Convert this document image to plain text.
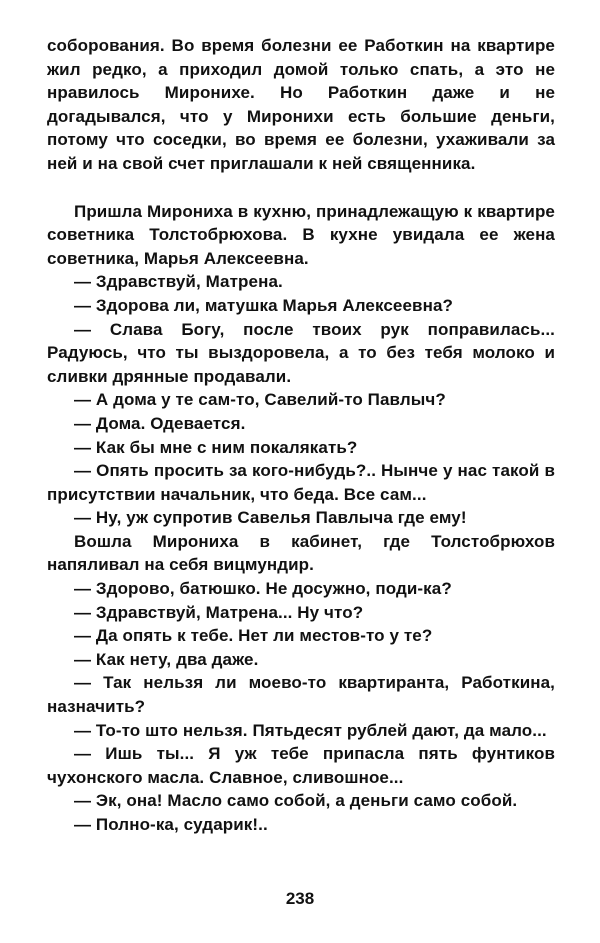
соборования. Во время болезни ее Работкин на квартире жил редко, а приходил домой только спать, а это не нравилось Миронихе. Но Работкин даже и не догадывался, что у Миронихи есть большие деньги, потому что соседки, во время ее болезни, ухаживали за ней и на свой счет приглашали к ней священника.

Пришла Мирониха в кухню, принадлежащую к квартире советника Толстобрюхова. В кухне увидала ее жена советника, Марья Алексеевна.

— Здравствуй, Матрена.

— Здорова ли, матушка Марья Алексеевна?

— Слава Богу, после твоих рук поправилась... Радуюсь, что ты выздоровела, а то без тебя молоко и сливки дрянные продавали.

— А дома у те сам-то, Савелий-то Павлыч?

— Дома. Одевается.

— Как бы мне с ним покалякать?

— Опять просить за кого-нибудь?.. Нынче у нас такой в присутствии начальник, что беда. Все сам...

— Ну, уж супротив Савелья Павлыча где ему!

Вошла Мирониха в кабинет, где Толстобрюхов напяливал на себя вицмундир.

— Здорово, батюшко. Не досужно, поди-ка?

— Здравствуй, Матрена... Ну что?

— Да опять к тебе. Нет ли местов-то у те?

— Как нету, два даже.

— Так нельзя ли моево-то квартиранта, Работкина, назначить?

— То-то што нельзя. Пятьдесят рублей дают, да мало...

— Ишь ты... Я уж тебе припасла пять фунтиков чухонского масла. Славное, сливошное...

— Эк, она! Масло само собой, а деньги само собой.

— Полно-ка, сударик!..

238
